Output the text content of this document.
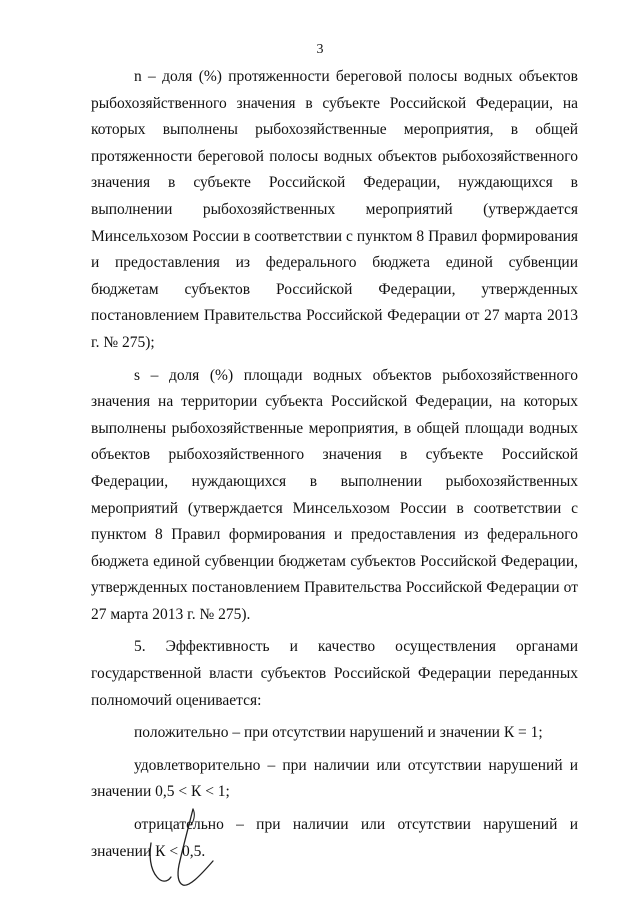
3

n – доля (%) протяженности береговой полосы водных объектов рыбохозяйственного значения в субъекте Российской Федерации, на которых выполнены рыбохозяйственные мероприятия, в общей протяженности береговой полосы водных объектов рыбохозяйственного значения в субъекте Российской Федерации, нуждающихся в выполнении рыбохозяйственных мероприятий (утверждается Минсельхозом России в соответствии с пунктом 8 Правил формирования и предоставления из федерального бюджета единой субвенции бюджетам субъектов Российской Федерации, утвержденных постановлением Правительства Российской Федерации от 27 марта 2013 г. № 275);

s – доля (%) площади водных объектов рыбохозяйственного значения на территории субъекта Российской Федерации, на которых выполнены рыбохозяйственные мероприятия, в общей площади водных объектов рыбохозяйственного значения в субъекте Российской Федерации, нуждающихся в выполнении рыбохозяйственных мероприятий (утверждается Минсельхозом России в соответствии с пунктом 8 Правил формирования и предоставления из федерального бюджета единой субвенции бюджетам субъектов Российской Федерации, утвержденных постановлением Правительства Российской Федерации от 27 марта 2013 г. № 275).

5. Эффективность и качество осуществления органами государственной власти субъектов Российской Федерации переданных полномочий оценивается:

положительно – при отсутствии нарушений и значении К = 1;

удовлетворительно – при наличии или отсутствии нарушений и значении 0,5 < К < 1;

отрицательно – при наличии или отсутствии нарушений и значении К < 0,5.
